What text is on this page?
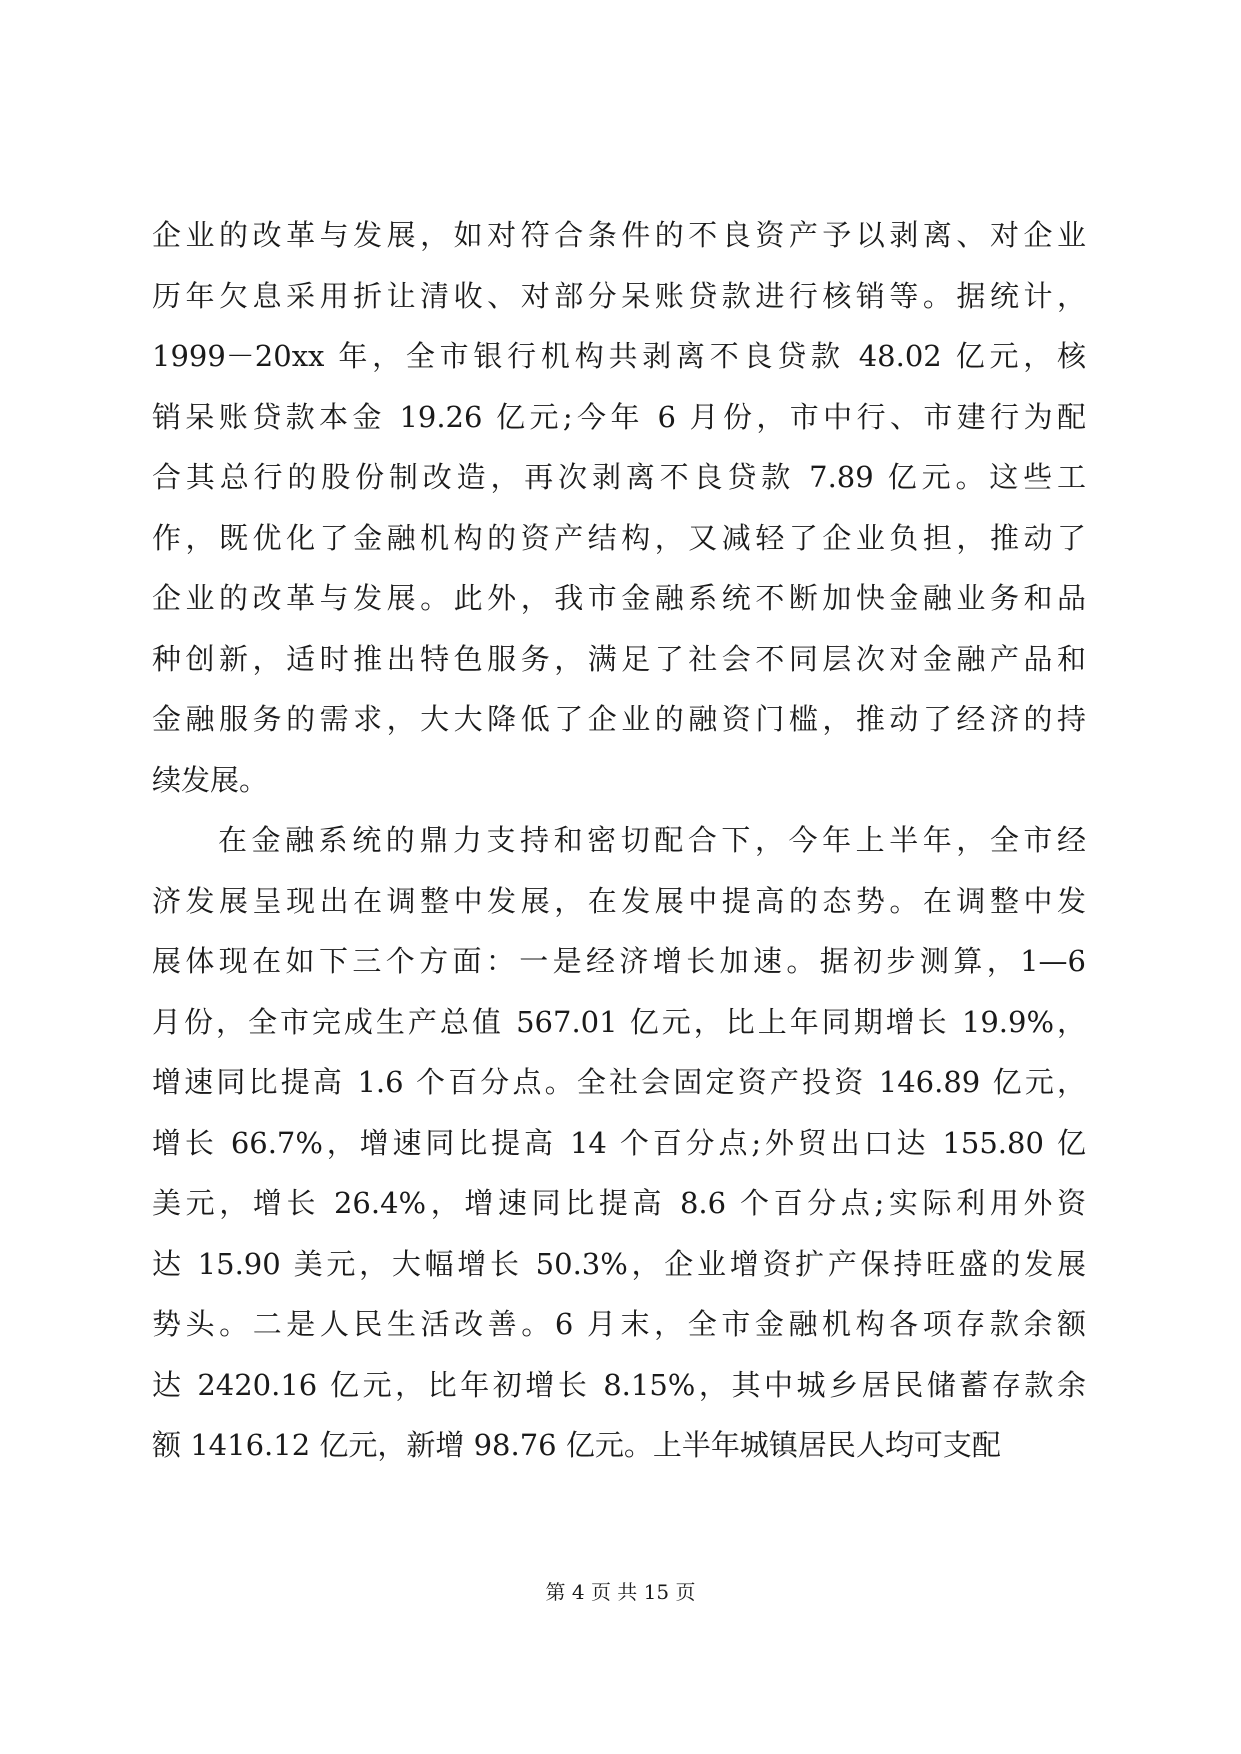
企业的改革与发展，如对符合条件的不良资产予以剥离、对企业
历年欠息采用折让清收、对部分呆账贷款进行核销等。据统计，
1999－20xx 年，全市银行机构共剥离不良贷款 48.02 亿元，核
销呆账贷款本金 19.26 亿元;今年 6 月份，市中行、市建行为配
合其总行的股份制改造，再次剥离不良贷款 7.89 亿元。这些工
作，既优化了金融机构的资产结构，又减轻了企业负担，推动了
企业的改革与发展。此外，我市金融系统不断加快金融业务和品
种创新，适时推出特色服务，满足了社会不同层次对金融产品和
金融服务的需求，大大降低了企业的融资门槛，推动了经济的持
续发展。
在金融系统的鼎力支持和密切配合下，今年上半年，全市经
济发展呈现出在调整中发展，在发展中提高的态势。在调整中发
展体现在如下三个方面：一是经济增长加速。据初步测算，1—6
月份，全市完成生产总值 567.01 亿元，比上年同期增长 19.9%，
增速同比提高 1.6 个百分点。全社会固定资产投资 146.89 亿元，
增长 66.7%，增速同比提高 14 个百分点;外贸出口达 155.80 亿
美元，增长 26.4%，增速同比提高 8.6 个百分点;实际利用外资
达 15.90 美元，大幅增长 50.3%，企业增资扩产保持旺盛的发展
势头。二是人民生活改善。6 月末，全市金融机构各项存款余额
达 2420.16 亿元，比年初增长 8.15%，其中城乡居民储蓄存款余
额 1416.12 亿元，新增 98.76 亿元。上半年城镇居民人均可支配
第 4 页 共 15 页
